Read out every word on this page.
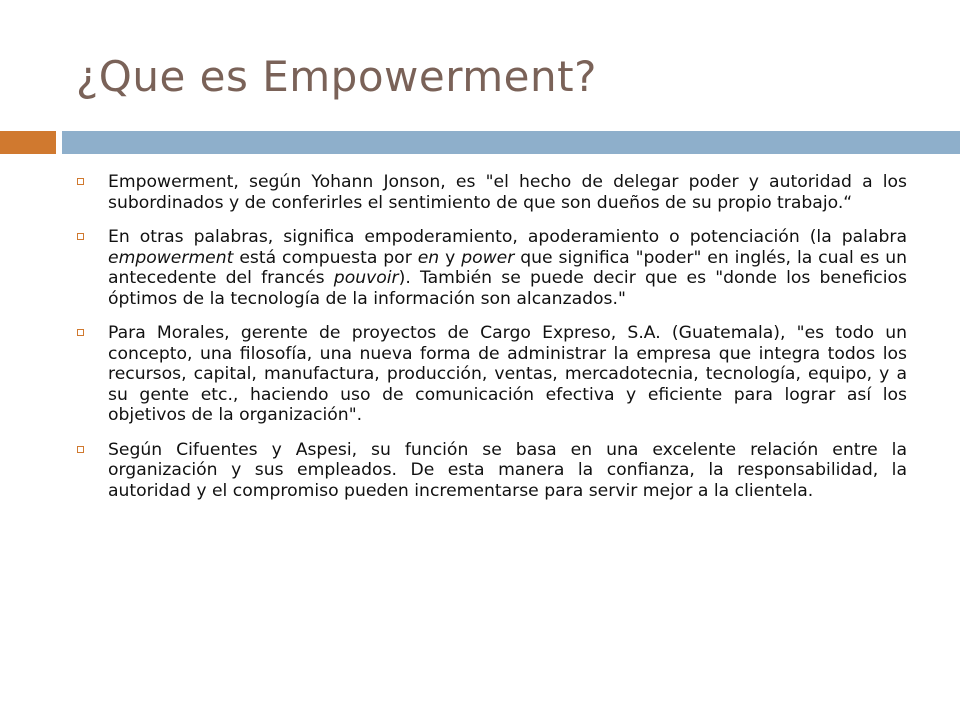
¿Que es Empowerment?
Empowerment, según Yohann Jonson, es "el hecho de delegar poder y autoridad a los subordinados y de conferirles el sentimiento de que son dueños de su propio trabajo.“
En otras palabras, significa empoderamiento, apoderamiento o potenciación (la palabra empowerment está compuesta por en y power que significa "poder" en inglés, la cual es un antecedente del francés pouvoir). También se puede decir que es "donde los beneficios óptimos de la tecnología de la información son alcanzados."
Para Morales, gerente de proyectos de Cargo Expreso, S.A. (Guatemala), "es todo un concepto, una filosofía, una nueva forma de administrar la empresa que integra todos los recursos, capital, manufactura, producción, ventas, mercadotecnia, tecnología, equipo, y a su gente etc., haciendo uso de comunicación efectiva y eficiente para lograr así los objetivos de la organización".
Según Cifuentes y Aspesi, su función se basa en una excelente relación entre la organización y sus empleados. De esta manera la confianza, la responsabilidad, la autoridad y el compromiso pueden incrementarse para servir mejor a la clientela.
